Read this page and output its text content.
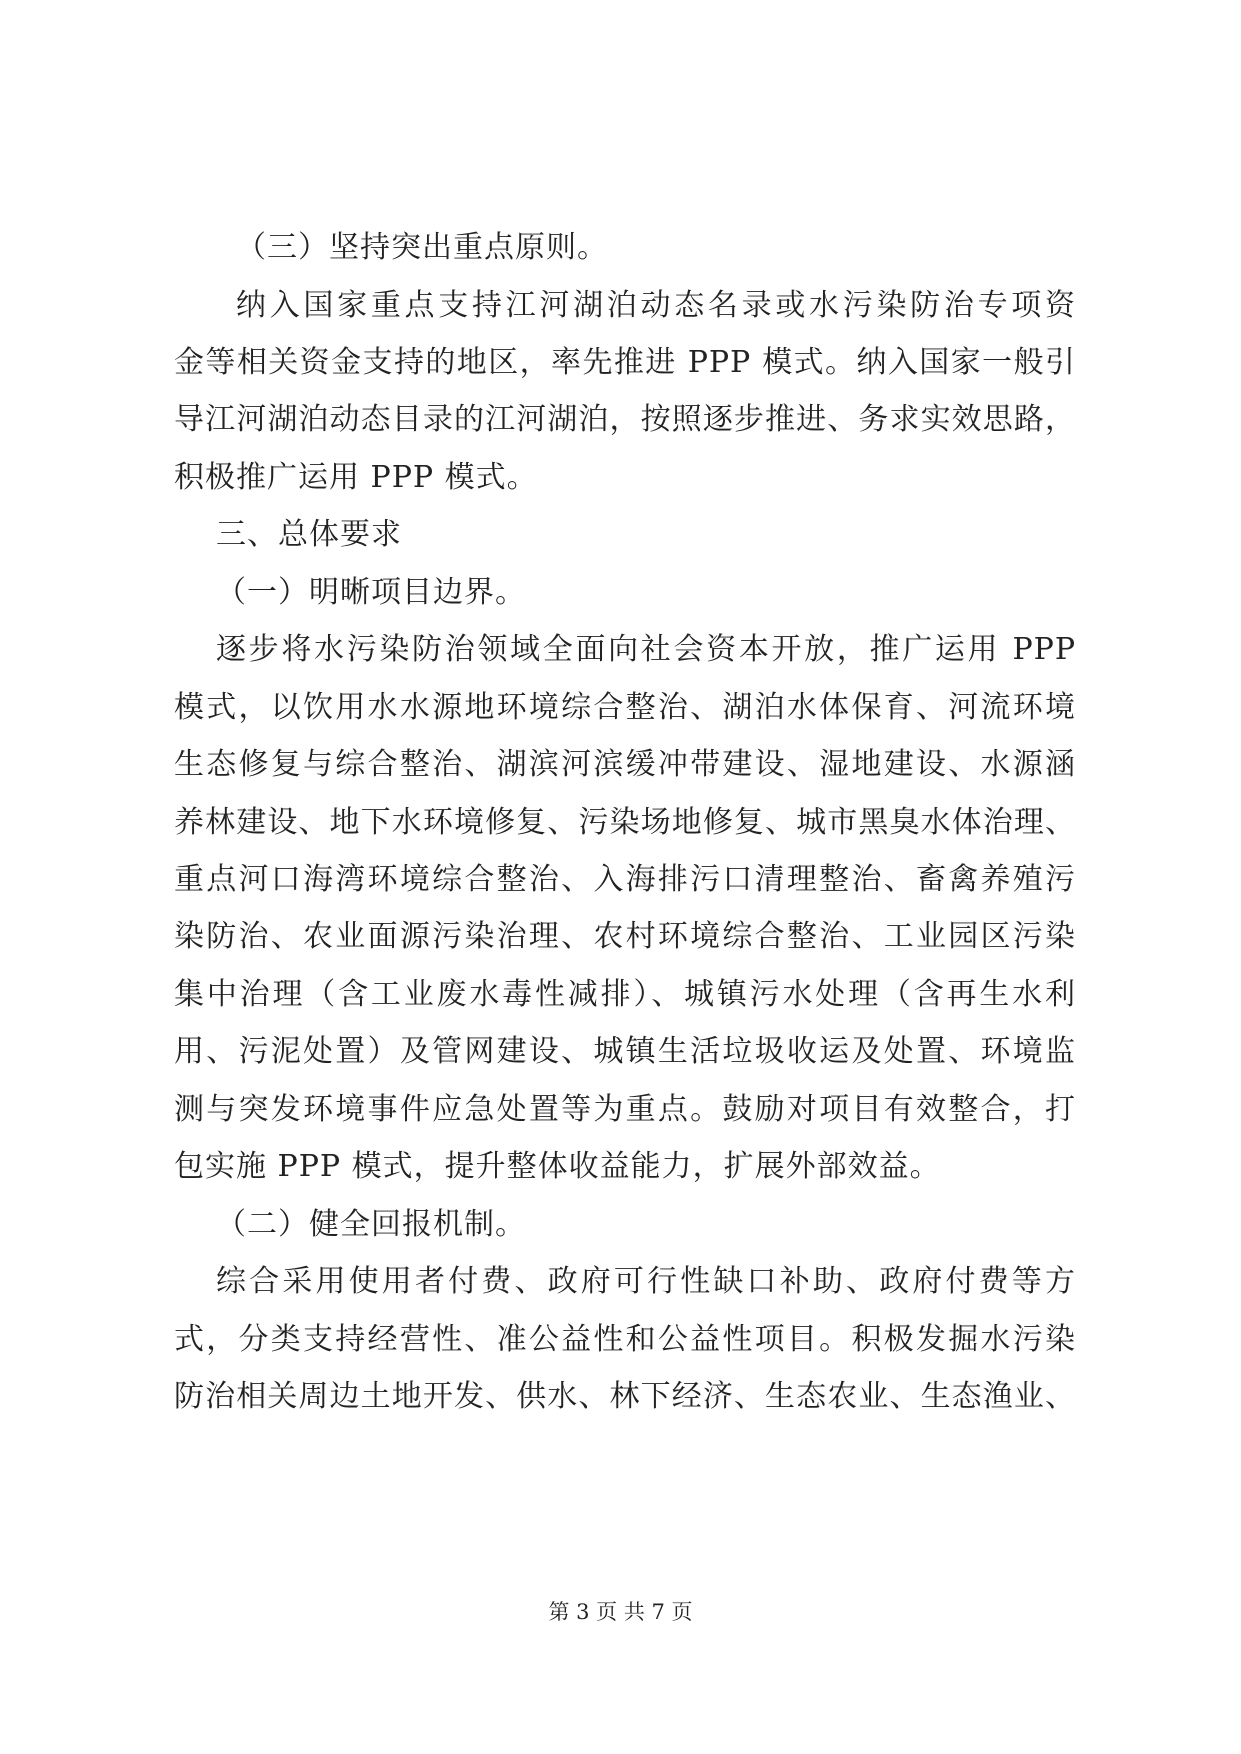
（三）坚持突出重点原则。
纳入国家重点支持江河湖泊动态名录或水污染防治专项资
金等相关资金支持的地区，率先推进 PPP 模式。纳入国家一般引
导江河湖泊动态目录的江河湖泊，按照逐步推进、务求实效思路，
积极推广运用 PPP 模式。
三、总体要求
（一）明晰项目边界。
逐步将水污染防治领域全面向社会资本开放，推广运用 PPP
模式，以饮用水水源地环境综合整治、湖泊水体保育、河流环境
生态修复与综合整治、湖滨河滨缓冲带建设、湿地建设、水源涵
养林建设、地下水环境修复、污染场地修复、城市黑臭水体治理、
重点河口海湾环境综合整治、入海排污口清理整治、畜禽养殖污
染防治、农业面源污染治理、农村环境综合整治、工业园区污染
集中治理（含工业废水毒性减排）、城镇污水处理（含再生水利
用、污泥处置）及管网建设、城镇生活垃圾收运及处置、环境监
测与突发环境事件应急处置等为重点。鼓励对项目有效整合，打
包实施 PPP 模式，提升整体收益能力，扩展外部效益。
（二）健全回报机制。
综合采用使用者付费、政府可行性缺口补助、政府付费等方
式，分类支持经营性、准公益性和公益性项目。积极发掘水污染
防治相关周边土地开发、供水、林下经济、生态农业、生态渔业、
第 3 页 共 7 页
